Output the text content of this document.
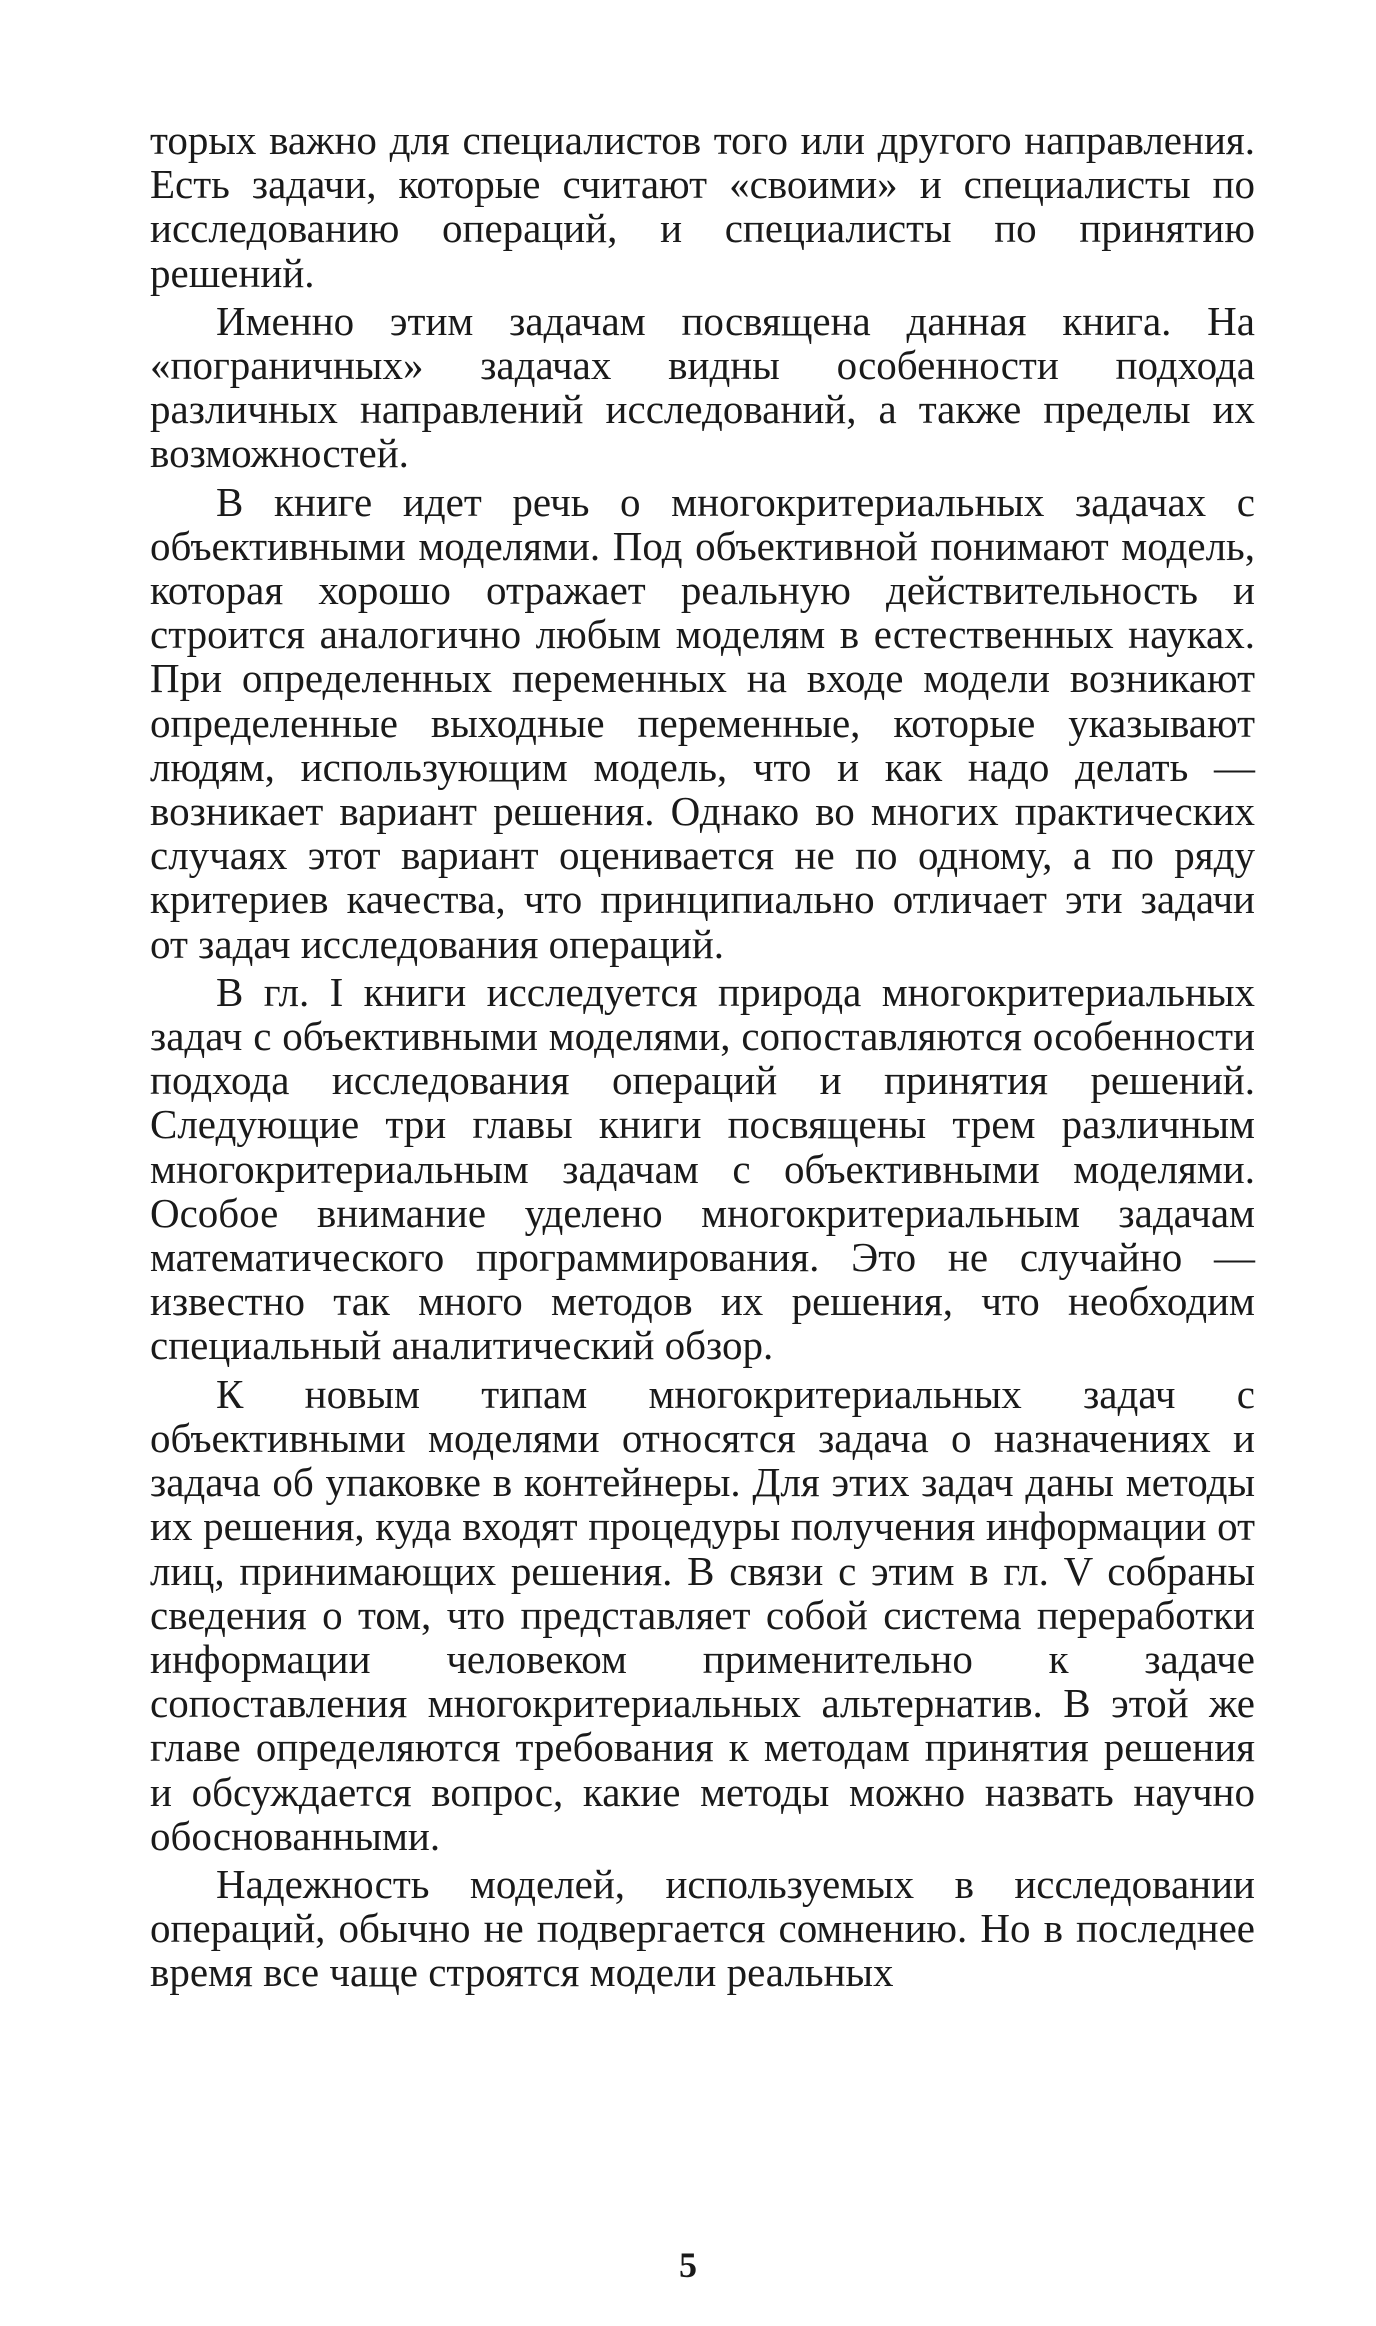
торых важно для специалистов того или другого направления. Есть задачи, которые считают «своими» и специалисты по исследованию операций, и специалисты по принятию решений.

Именно этим задачам посвящена данная книга. На «пограничных» задачах видны особенности подхода различных направлений исследований, а также пределы их возможностей.

В книге идет речь о многокритериальных задачах с объективными моделями. Под объективной понимают модель, которая хорошо отражает реальную действительность и строится аналогично любым моделям в естественных науках. При определенных переменных на входе модели возникают определенные выходные переменные, которые указывают людям, использующим модель, что и как надо делать — возникает вариант решения. Однако во многих практических случаях этот вариант оценивается не по одному, а по ряду критериев качества, что принципиально отличает эти задачи от задач исследования операций.

В гл. I книги исследуется природа многокритериальных задач с объективными моделями, сопоставляются особенности подхода исследования операций и принятия решений. Следующие три главы книги посвящены трем различным многокритериальным задачам с объективными моделями. Особое внимание уделено многокритериальным задачам математического программирования. Это не случайно — известно так много методов их решения, что необходим специальный аналитический обзор.

К новым типам многокритериальных задач с объективными моделями относятся задача о назначениях и задача об упаковке в контейнеры. Для этих задач даны методы их решения, куда входят процедуры получения информации от лиц, принимающих решения. В связи с этим в гл. V собраны сведения о том, что представляет собой система переработки информации человеком применительно к задаче сопоставления многокритериальных альтернатив. В этой же главе определяются требования к методам принятия решения и обсуждается вопрос, какие методы можно назвать научно обоснованными.

Надежность моделей, используемых в исследовании операций, обычно не подвергается сомнению. Но в последнее время все чаще строятся модели реальных

5
